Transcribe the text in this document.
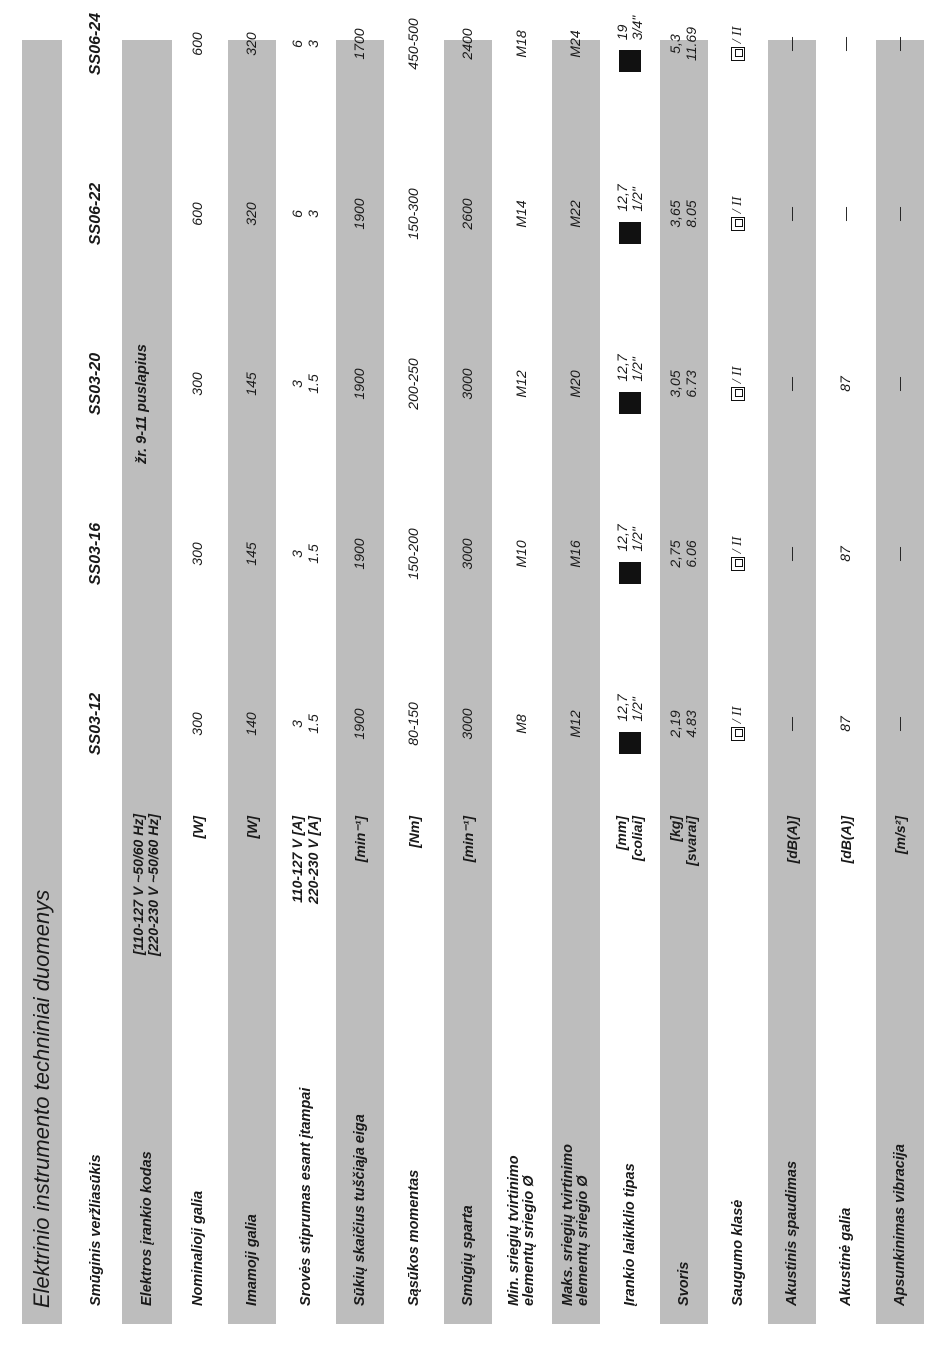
Elektrinio instrumento techniniai duomenys	Smūginis veržliasūkis
SS03-12
SS03-16
SS03-20
SS06-22
SS06-24
Elektros įrankio kodas
[110-127 V ~50/60 Hz] [220-230 V ~50/60 Hz]
žr. 9-11 puslapius
Nominalioji galia
[W]
300
300
300
600
600
Imamoji galia
[W]
140
145
145
320
320
Srovės stiprumas esant įtampai
110-127 V [A] 220-230 V [A]
3 1.5
3 1.5
3 1.5
6 3
6 3
Sūkių skaičius tuščiąja eiga
[min⁻¹]
1900
1900
1900
1900
1700
Sąsūkos momentas
[Nm]
80-150
150-200
200-250
150-300
450-500
Smūgių sparta
[min⁻¹]
3000
3000
3000
2600
2400
Min. sriegių tvirtinimo elementų sriegio Ø
M8
M10
M12
M14
M18
Maks. sriegių tvirtinimo elementų sriegio Ø
M12
M16
M20
M22
M24
Įrankio laikiklio tipas
[mm] [coliai]
12,7
1/2"
12,7
1/2"
12,7
1/2"
12,7
1/2"
19
3/4"
Svoris
[kg] [svarai]
2,19 4.83
2,75 6.06
3,05 6.73
3,65 8.05
5,3 11.69
Saugumo klasė
/ II
/ II
/ II
/ II
/ II
Akustinis spaudimas
[dB(A)]
—
—
—
—
—
Akustinė galia
[dB(A)]
87
87
87
—
—
Apsunkinimas vibracija
[m/s²]
—
—
—
—
—
